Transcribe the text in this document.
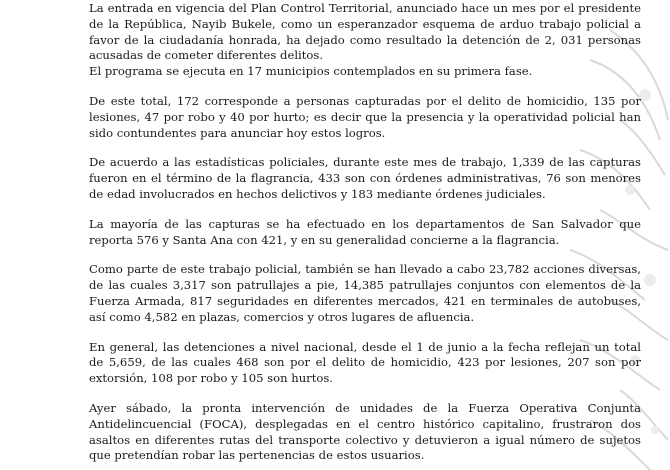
La entrada en vigencia del Plan Control Territorial, anunciado hace un mes por el presidente de la República, Nayib Bukele, como un esperanzador esquema de arduo trabajo policial a favor de la ciudadanía honrada, ha dejado como resultado la detención de 2, 031 personas acusadas de cometer diferentes delitos.

El programa se ejecuta en 17 municipios contemplados en su primera fase.

De este total, 172 corresponde a personas capturadas por el delito de homicidio, 135 por lesiones, 47 por robo y 40 por hurto; es decir que la presencia y la operatividad policial han sido contundentes para anunciar hoy estos logros.

De acuerdo a las estadísticas policiales, durante este mes de trabajo, 1,339 de las capturas fueron en el término de la flagrancia, 433 son con órdenes administrativas, 76 son menores de edad involucrados en hechos delictivos y 183 mediante órdenes judiciales.

La mayoría de las capturas se ha efectuado en los departamentos de San Salvador que reporta 576 y Santa Ana con 421, y en su generalidad concierne a la flagrancia.

Como parte de este trabajo policial, también se han llevado a cabo 23,782 acciones diversas, de las cuales 3,317 son patrullajes a pie, 14,385 patrullajes conjuntos con elementos de la Fuerza Armada, 817 seguridades en diferentes mercados, 421 en terminales de autobuses, así como 4,582 en plazas, comercios y otros lugares de afluencia.

En general, las detenciones a nivel nacional, desde el 1 de junio a la fecha reflejan un total de 5,659, de las cuales 468 son por el delito de homicidio, 423 por lesiones, 207 son por extorsión, 108 por robo y 105 son hurtos.

Ayer sábado, la pronta intervención de unidades de la Fuerza Operativa Conjunta Antidelincuencial (FOCA), desplegadas en el centro histórico capitalino, frustraron dos asaltos en diferentes rutas del transporte colectivo y detuvieron a igual número de sujetos que pretendían robar las pertenencias de estos usuarios.
